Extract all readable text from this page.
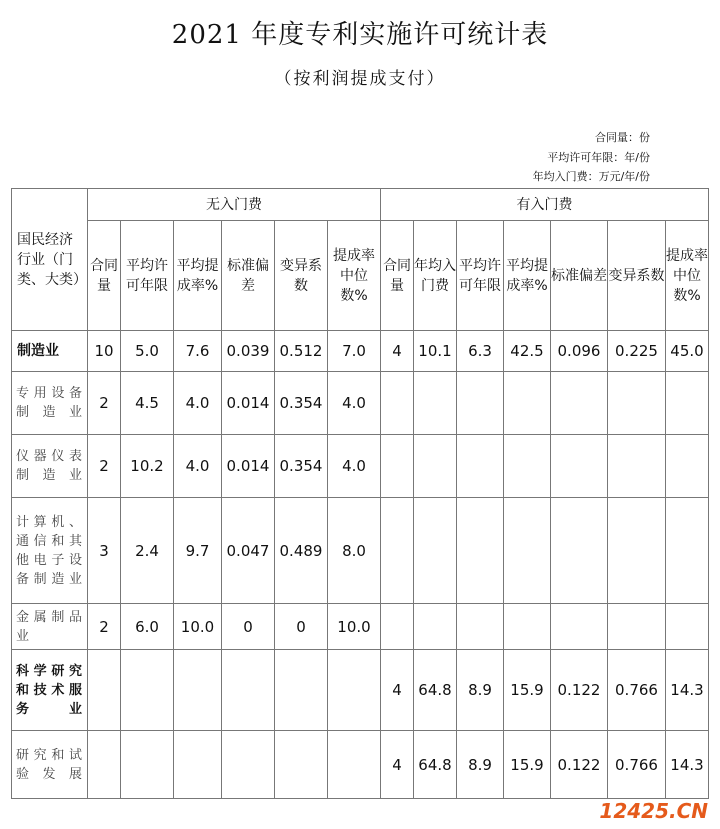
2021 年度专利实施许可统计表
（按利润提成支付）
合同量：份
平均许可年限：年/份
年均入门费：万元/年/份
国民经济行业（门类、大类）	无入门费						有入门费						
	合同量	平均许可年限	平均提成率%	标准偏差	变异系数	提成率中位数%	合同量	年均入门费	平均许可年限	平均提成率%	标准偏差	变异系数	提成率中位数%
制造业	10	5.0	7.6	0.039	0.512	7.0	4	10.1	6.3	42.5	0.096	0.225	45.0
专用设备制造业	2	4.5	4.0	0.014	0.354	4.0							
仪器仪表制造业	2	10.2	4.0	0.014	0.354	4.0							
计算机、通信和其他电子设备制造业	3	2.4	9.7	0.047	0.489	8.0							
金属制品业	2	6.0	10.0	0	0	10.0							
科学研究和技术服务业							4	64.8	8.9	15.9	0.122	0.766	14.3
研究和试验发展							4	64.8	8.9	15.9	0.122	0.766	14.3
12425.CN
